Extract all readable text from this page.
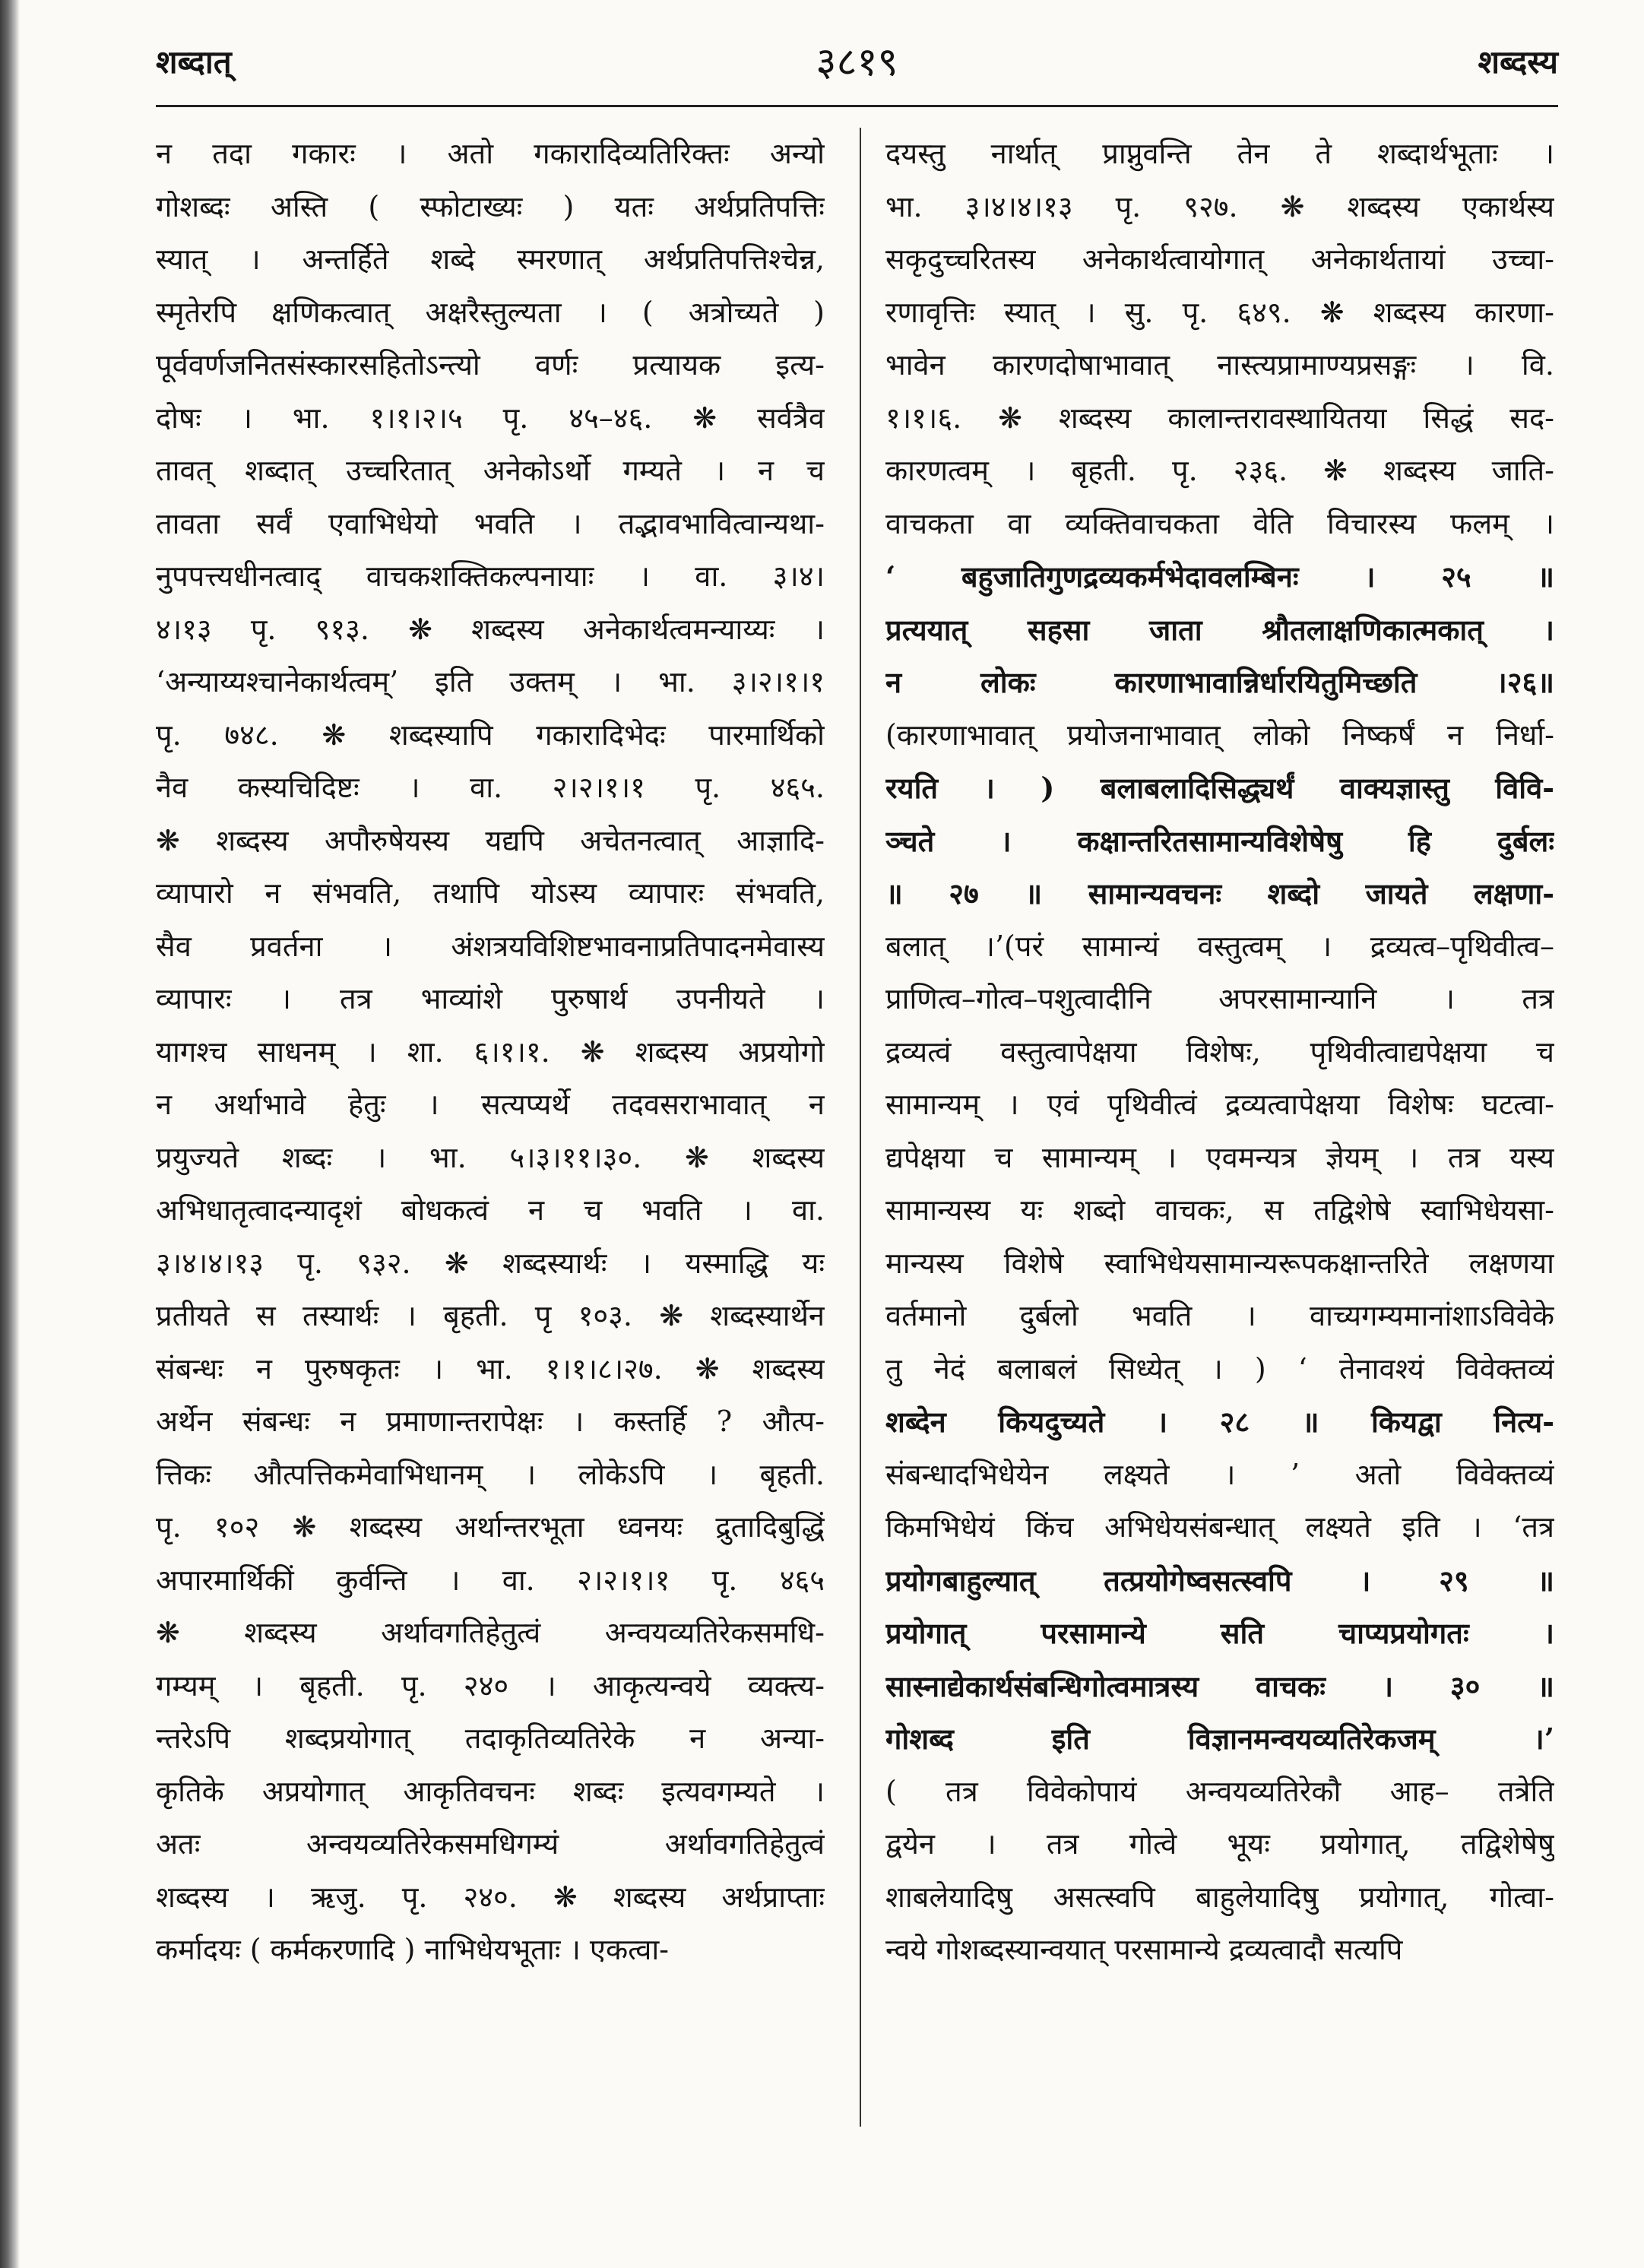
शब्दात्	३८१९	शब्दस्य
न तदा गकारः । अतो गकारादिव्यतिरिक्तः अन्यो
गोशब्दः अस्ति ( स्फोटाख्यः ) यतः अर्थप्रतिपत्तिः
स्यात् । अन्तर्हिते शब्दे स्मरणात् अर्थप्रतिपत्तिश्चेन्न,
स्मृतेरपि क्षणिकत्वात् अक्षरैस्तुल्यता । ( अत्रोच्यते )
पूर्ववर्णजनितसंस्कारसहितोऽन्त्यो वर्णः प्रत्यायक इत्य-
दोषः । भा. १।१।२।५ पृ. ४५–४६. ❋ सर्वत्रैव
तावत् शब्दात् उच्चरितात् अनेकोऽर्थो गम्यते । न च
तावता सर्वं एवाभिधेयो भवति । तद्भावभावित्वान्यथा-
नुपपत्त्यधीनत्वाद् वाचकशक्तिकल्पनायाः । वा. ३।४।
४।१३ पृ. ९१३. ❋ शब्दस्य अनेकार्थत्वमन्याय्यः ।
‘अन्याय्यश्चानेकार्थत्वम्’ इति उक्तम् । भा. ३।२।१।१
पृ. ७४८. ❋ शब्दस्यापि गकारादिभेदः पारमार्थिको
नैव कस्यचिदिष्टः । वा. २।२।१।१ पृ. ४६५.
❋ शब्दस्य अपौरुषेयस्य यद्यपि अचेतनत्वात् आज्ञादि-
व्यापारो न संभवति, तथापि योऽस्य व्यापारः संभवति,
सैव प्रवर्तना । अंशत्रयविशिष्टभावनाप्रतिपादनमेवास्य
व्यापारः । तत्र भाव्यांशे पुरुषार्थ उपनीयते ।
यागश्च साधनम् । शा. ६।१।१. ❋ शब्दस्य अप्रयोगो
न अर्थाभावे हेतुः । सत्यप्यर्थे तदवसराभावात् न
प्रयुज्यते शब्दः । भा. ५।३।११।३०. ❋ शब्दस्य
अभिधातृत्वादन्यादृशं बोधकत्वं न च भवति । वा.
३।४।४।१३ पृ. ९३२. ❋ शब्दस्यार्थः । यस्माद्धि यः
प्रतीयते स तस्यार्थः । बृहती. पृ १०३. ❋ शब्दस्यार्थेन
संबन्धः न पुरुषकृतः । भा. १।१।८।२७. ❋ शब्दस्य
अर्थेन संबन्धः न प्रमाणान्तरापेक्षः । कस्तर्हि ? औत्प-
त्तिकः औत्पत्तिकमेवाभिधानम् । लोकेऽपि । बृहती.
पृ. १०२ ❋ शब्दस्य अर्थान्तरभूता ध्वनयः द्रुतादिबुद्धिं
अपारमार्थिकीं कुर्वन्ति । वा. २।२।१।१ पृ. ४६५
❋ शब्दस्य अर्थावगतिहेतुत्वं अन्वयव्यतिरेकसमधि-
गम्यम् । बृहती. पृ. २४० । आकृत्यन्वये व्यक्त्य-
न्तरेऽपि शब्दप्रयोगात् तदाकृतिव्यतिरेके न अन्या-
कृतिके अप्रयोगात् आकृतिवचनः शब्दः इत्यवगम्यते ।
अतः अन्वयव्यतिरेकसमधिगम्यं अर्थावगतिहेतुत्वं
शब्दस्य । ऋजु. पृ. २४०. ❋ शब्दस्य अर्थप्राप्ताः
कर्मादयः ( कर्मकरणादि ) नाभिधेयभूताः । एकत्वा-
दयस्तु नार्थात् प्राप्नुवन्ति तेन ते शब्दार्थभूताः ।
भा. ३।४।४।१३ पृ. ९२७. ❋ शब्दस्य एकार्थस्य
सकृदुच्चरितस्य अनेकार्थत्वायोगात् अनेकार्थतायां उच्चा-
रणावृत्तिः स्यात् । सु. पृ. ६४९. ❋ शब्दस्य कारणा-
भावेन कारणदोषाभावात् नास्त्यप्रामाण्यप्रसङ्गः । वि.
१।१।६. ❋ शब्दस्य कालान्तरावस्थायितया सिद्धं सद-
कारणत्वम् । बृहती. पृ. २३६. ❋ शब्दस्य जाति-
वाचकता वा व्यक्तिवाचकता वेति विचारस्य फलम् ।
‘ बहुजातिगुणद्रव्यकर्मभेदावलम्बिनः । २५ ॥
प्रत्ययात् सहसा जाता श्रौतलाक्षणिकात्मकात् ।
न लोकः कारणाभावान्निर्धारयितुमिच्छति ।२६॥
(कारणाभावात् प्रयोजनाभावात् लोको निष्कर्षं न निर्धा-
रयति । ) बलाबलादिसिद्ध्यर्थं वाक्यज्ञास्तु विवि-
ञ्चते । कक्षान्तरितसामान्यविशेषेषु हि दुर्बलः
॥ २७ ॥ सामान्यवचनः शब्दो जायते लक्षणा-
बलात् ।’(परं सामान्यं वस्तुत्वम् । द्रव्यत्व–पृथिवीत्व–
प्राणित्व–गोत्व–पशुत्वादीनि अपरसामान्यानि । तत्र
द्रव्यत्वं वस्तुत्वापेक्षया विशेषः, पृथिवीत्वाद्यपेक्षया च
सामान्यम् । एवं पृथिवीत्वं द्रव्यत्वापेक्षया विशेषः घटत्वा-
द्यपेक्षया च सामान्यम् । एवमन्यत्र ज्ञेयम् । तत्र यस्य
सामान्यस्य यः शब्दो वाचकः, स तद्विशेषे स्वाभिधेयसा-
मान्यस्य विशेषे स्वाभिधेयसामान्यरूपकक्षान्तरिते लक्षणया
वर्तमानो दुर्बलो भवति । वाच्यगम्यमानांशाऽविवेके
तु नेदं बलाबलं सिध्येत् । ) ‘ तेनावश्यं विवेक्तव्यं
शब्देन कियदुच्यते । २८ ॥ कियद्वा नित्य-
संबन्धादभिधेयेन लक्ष्यते । ’ अतो विवेक्तव्यं
किमभिधेयं किंच अभिधेयसंबन्धात् लक्ष्यते इति । ‘तत्र
प्रयोगबाहुल्यात् तत्प्रयोगेष्वसत्स्वपि । २९ ॥
प्रयोगात् परसामान्ये सति चाप्यप्रयोगतः ।
सास्नाद्येकार्थसंबन्धिगोत्वमात्रस्य वाचकः । ३० ॥
गोशब्द इति विज्ञानमन्वयव्यतिरेकजम् ।’
( तत्र विवेकोपायं अन्वयव्यतिरेकौ आह– तत्रेति
द्वयेन । तत्र गोत्वे भूयः प्रयोगात्, तद्विशेषेषु
शाबलेयादिषु असत्स्वपि बाहुलेयादिषु प्रयोगात्, गोत्वा-
न्वये गोशब्दस्यान्वयात् परसामान्ये द्रव्यत्वादौ सत्यपि
